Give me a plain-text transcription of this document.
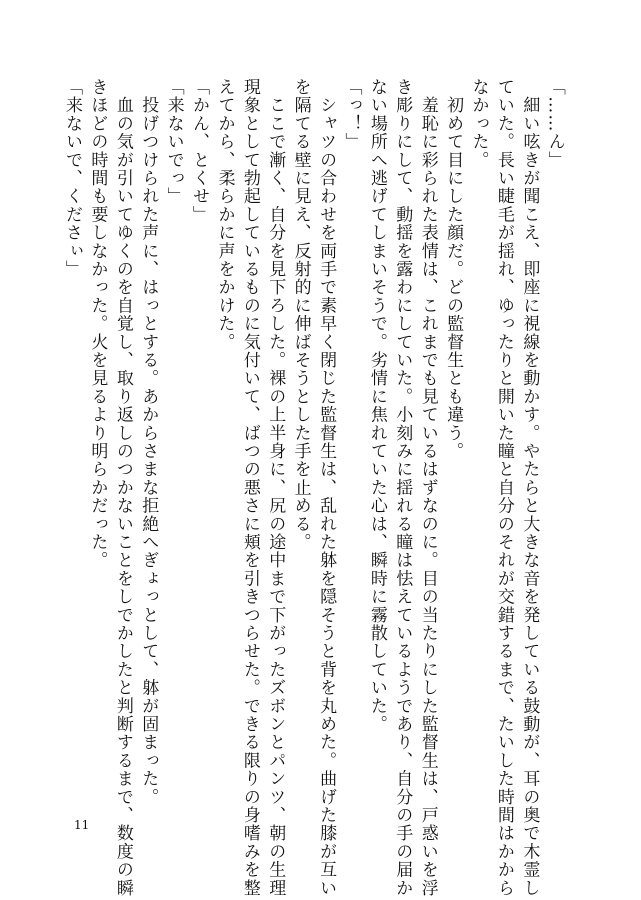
「……ん」
　細い呟きが聞こえ、即座に視線を動かす。やたらと大きな音を発している鼓動が、耳の奥で木霊し
ていた。長い睫毛が揺れ、ゆったりと開いた瞳と自分のそれが交錯するまで、たいした時間はかから
なかった。
　初めて目にした顔だ。どの監督生とも違う。
　羞恥に彩られた表情は、これまでも見ているはずなのに。目の当たりにした監督生は、戸惑いを浮
き彫りにして、動揺を露わにしていた。小刻みに揺れる瞳は怯えているようであり、自分の手の届か
ない場所へ逃げてしまいそうで。劣情に焦れていた心は、瞬時に霧散していた。
「っ！」
　シャツの合わせを両手で素早く閉じた監督生は、乱れた躰を隠そうと背を丸めた。曲げた膝が互い
を隔てる壁に見え、反射的に伸ばそうとした手を止める。
　ここで漸く、自分を見下ろした。裸の上半身に、尻の途中まで下がったズボンとパンツ、朝の生理
現象として勃起しているものに気付いて、ばつの悪さに頬を引きつらせた。できる限りの身嗜みを整
えてから、柔らかに声をかけた。
「かん、とくせ」
「来ないでっ」
　投げつけられた声に、はっとする。あからさまな拒絶へぎょっとして、躰が固まった。
　血の気が引いてゆくのを自覚し、取り返しのつかないことをしでかしたと判断するまで、数度の瞬
きほどの時間も要しなかった。火を見るより明らかだった。
「来ないで、くださぃ」
11
